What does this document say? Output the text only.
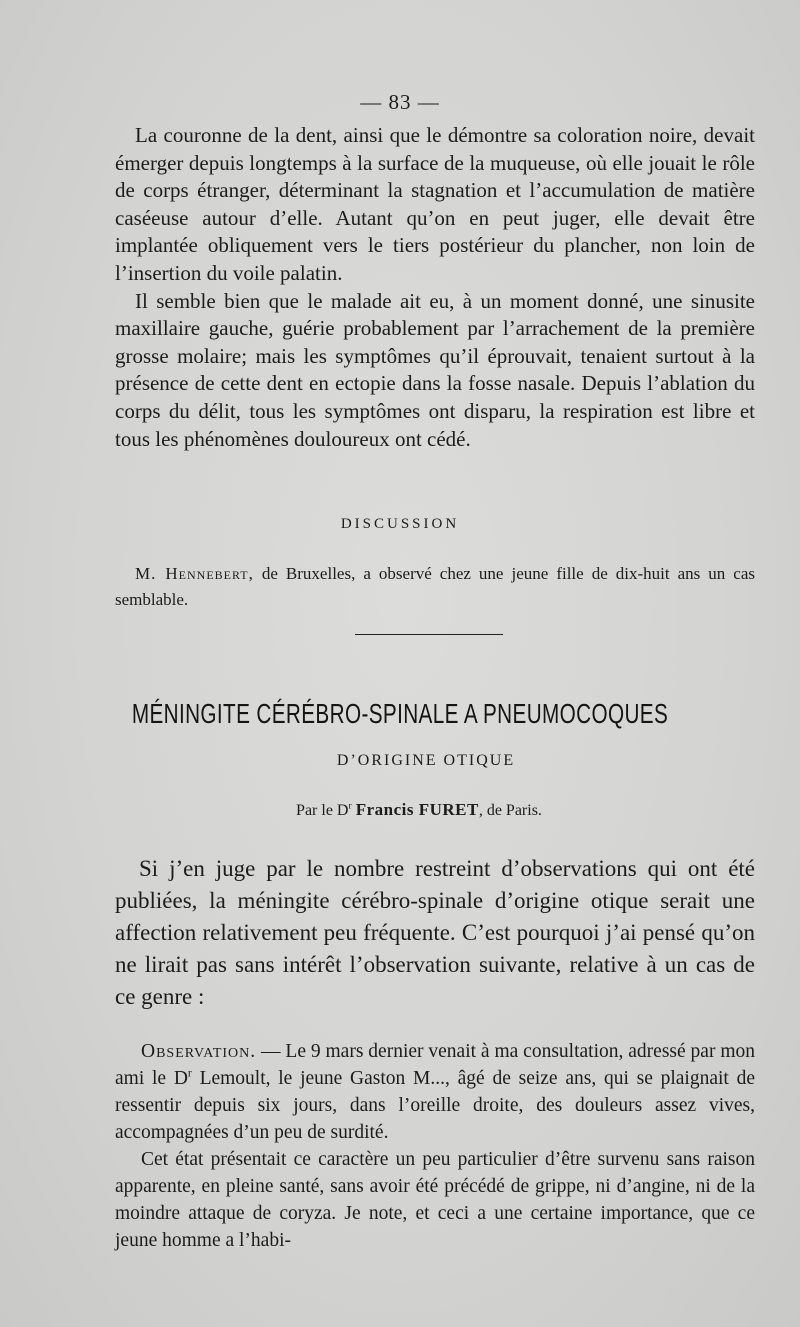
— 83 —

La couronne de la dent, ainsi que le démontre sa coloration noire, devait émerger depuis longtemps à la surface de la muqueuse, où elle jouait le rôle de corps étranger, déterminant la stagnation et l’accumulation de matière caséeuse autour d’elle. Autant qu’on en peut juger, elle devait être implantée obliquement vers le tiers postérieur du plancher, non loin de l’insertion du voile palatin.

Il semble bien que le malade ait eu, à un moment donné, une sinusite maxillaire gauche, guérie probablement par l’arrachement de la première grosse molaire; mais les symptômes qu’il éprouvait, tenaient surtout à la présence de cette dent en ectopie dans la fosse nasale. Depuis l’ablation du corps du délit, tous les symptômes ont disparu, la respiration est libre et tous les phénomènes douloureux ont cédé.

DISCUSSION

M. Hennebert, de Bruxelles, a observé chez une jeune fille de dix-huit ans un cas semblable.

MÉNINGITE CÉRÉBRO-SPINALE A PNEUMOCOQUES
D’ORIGINE OTIQUE
Par le $D^r$ Francis FURET, de Paris.

Si j’en juge par le nombre restreint d’observations qui ont été publiées, la méningite cérébro-spinale d’origine otique serait une affection relativement peu fréquente. C’est pourquoi j’ai pensé qu’on ne lirait pas sans intérêt l’observation suivante, relative à un cas de ce genre :

Observation. — Le 9 mars dernier venait à ma consultation, adressé par mon ami le $D^r$ Lemoult, le jeune Gaston M..., âgé de seize ans, qui se plaignait de ressentir depuis six jours, dans l’oreille droite, des douleurs assez vives, accompagnées d’un peu de surdité.

Cet état présentait ce caractère un peu particulier d’être survenu sans raison apparente, en pleine santé, sans avoir été précédé de grippe, ni d’angine, ni de la moindre attaque de coryza. Je note, et ceci a une certaine importance, que ce jeune homme a l’habi-
